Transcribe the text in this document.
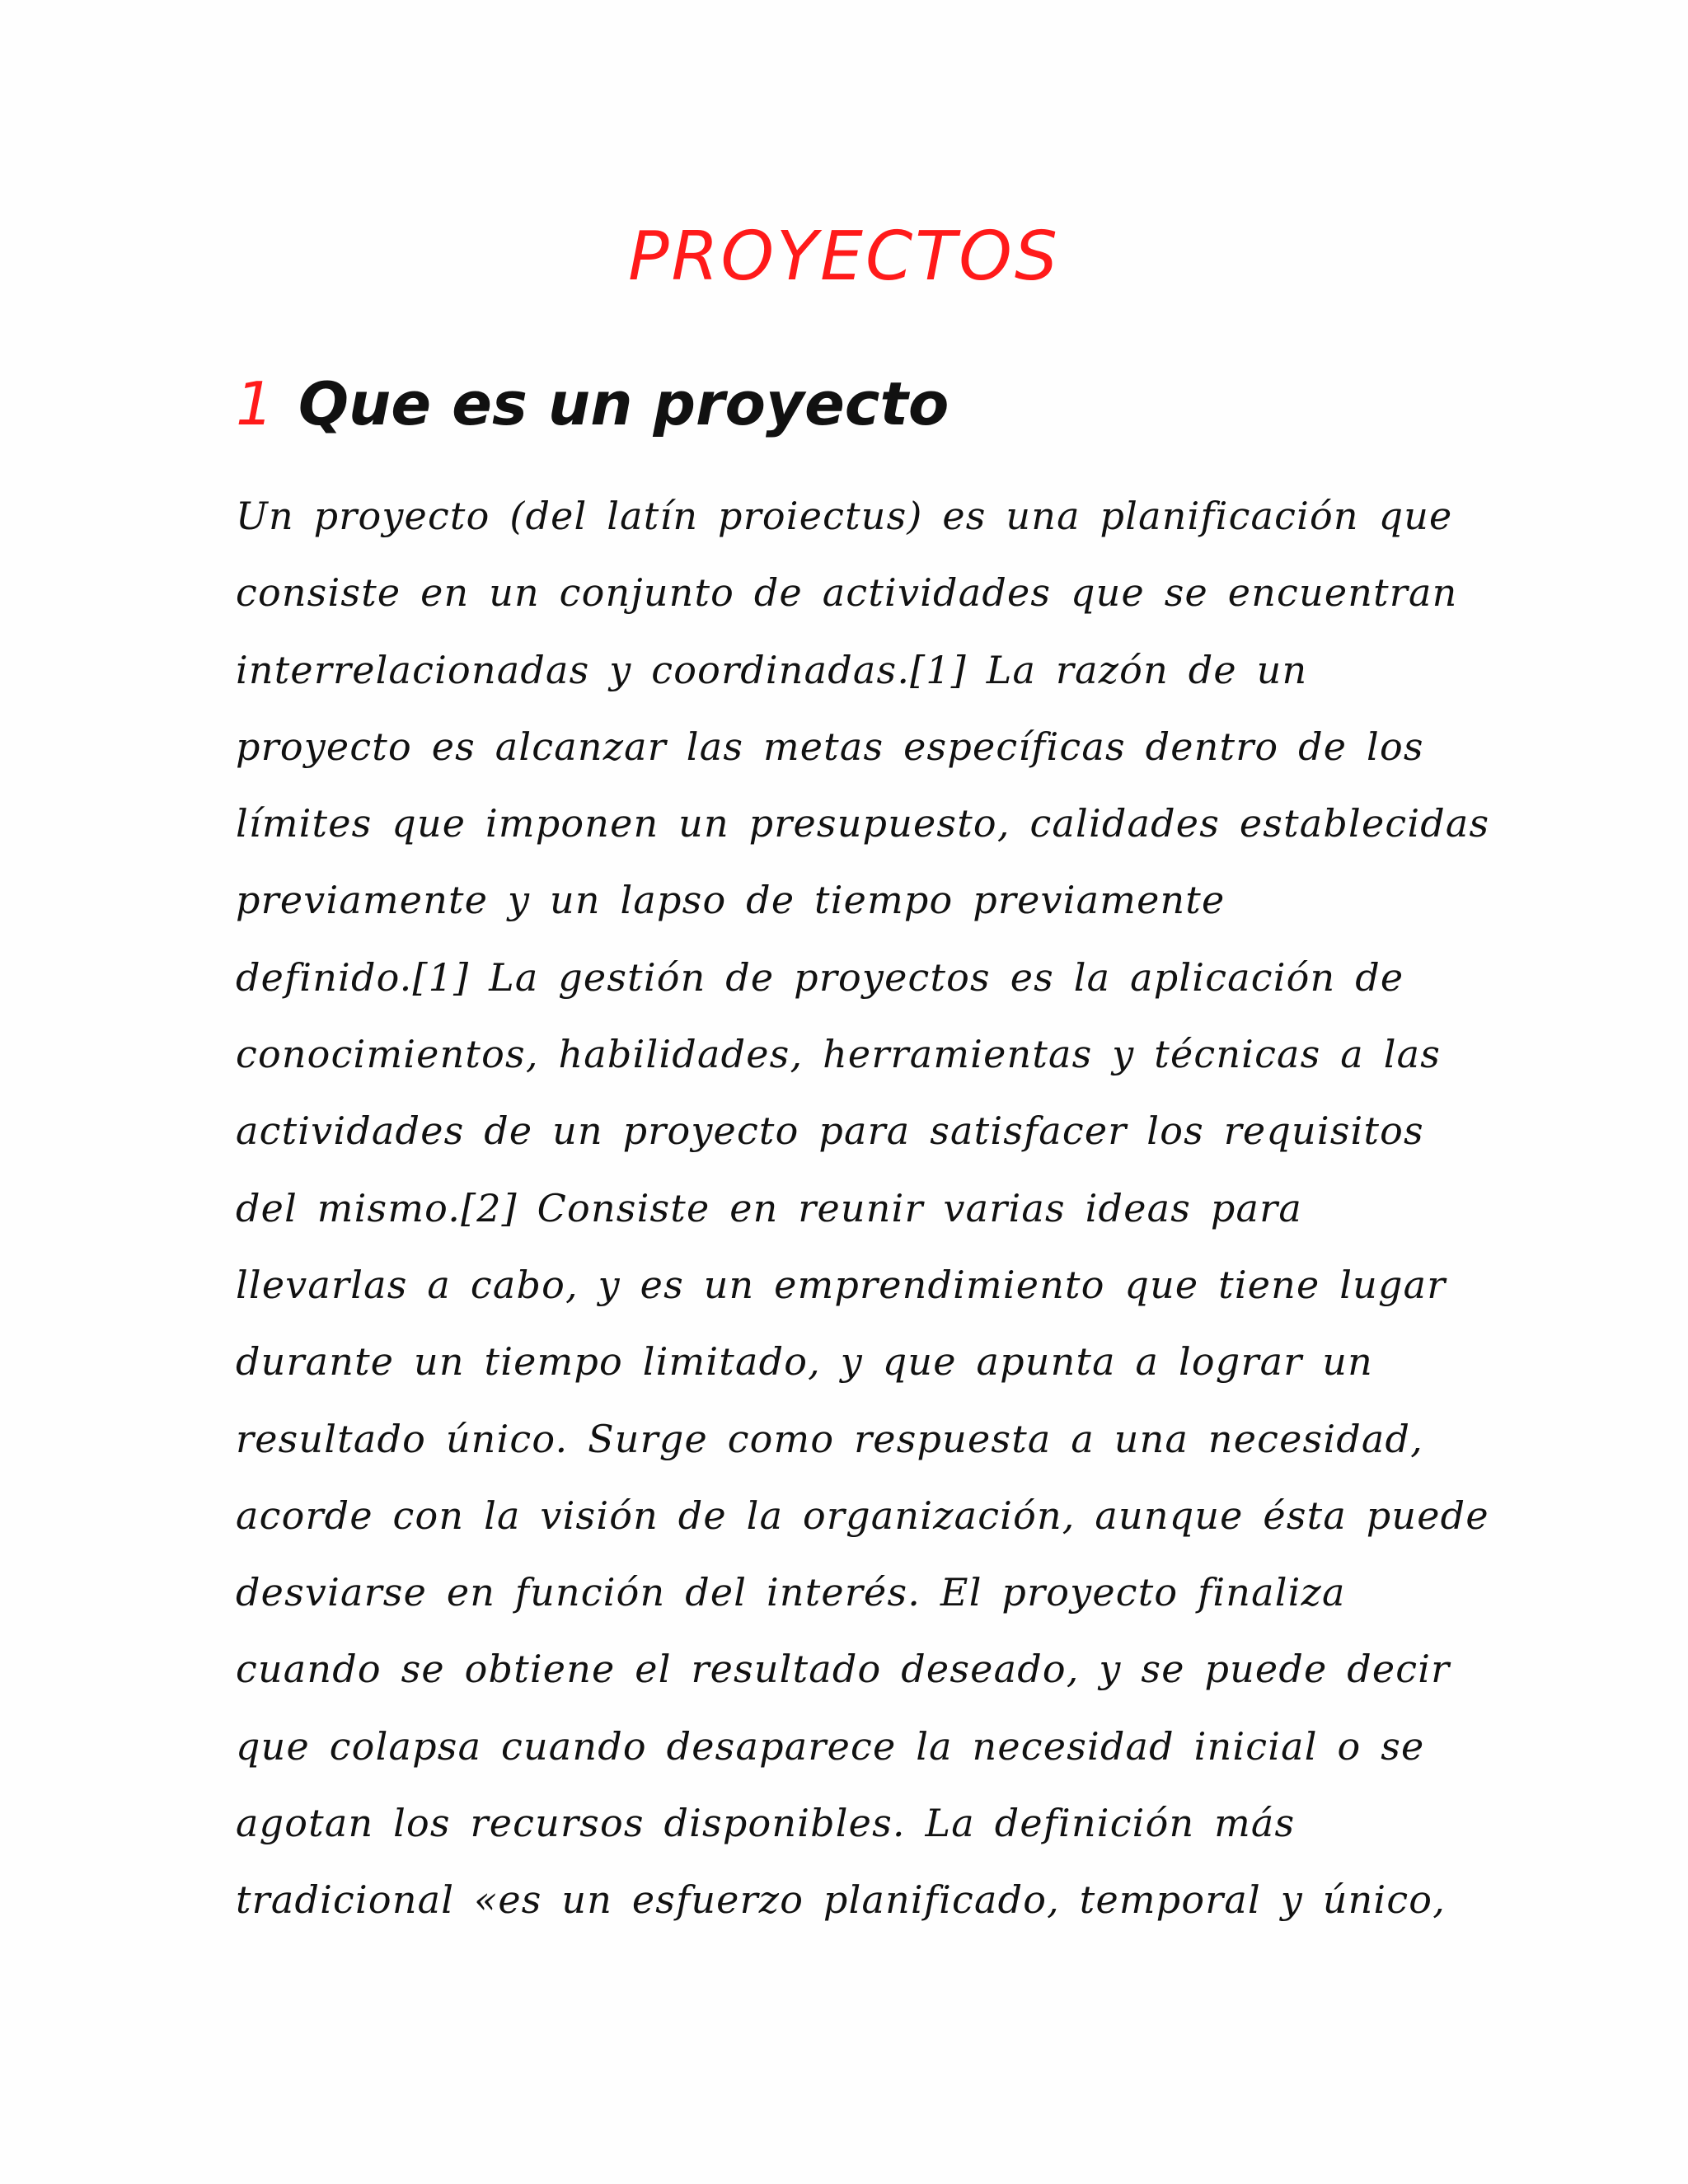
PROYECTOS
1 Que es un proyecto
Un proyecto (del latín proiectus) es una planificación que
consiste en un conjunto de actividades que se encuentran
interrelacionadas y coordinadas.[1] La razón de un
proyecto es alcanzar las metas específicas dentro de los
límites que imponen un presupuesto, calidades establecidas
previamente y un lapso de tiempo previamente
definido.[1] La gestión de proyectos es la aplicación de
conocimientos, habilidades, herramientas y técnicas a las
actividades de un proyecto para satisfacer los requisitos
del mismo.[2] Consiste en reunir varias ideas para
llevarlas a cabo, y es un emprendimiento que tiene lugar
durante un tiempo limitado, y que apunta a lograr un
resultado único. Surge como respuesta a una necesidad,
acorde con la visión de la organización, aunque ésta puede
desviarse en función del interés. El proyecto finaliza
cuando se obtiene el resultado deseado, y se puede decir
que colapsa cuando desaparece la necesidad inicial o se
agotan los recursos disponibles. La definición más
tradicional «es un esfuerzo planificado, temporal y único,
